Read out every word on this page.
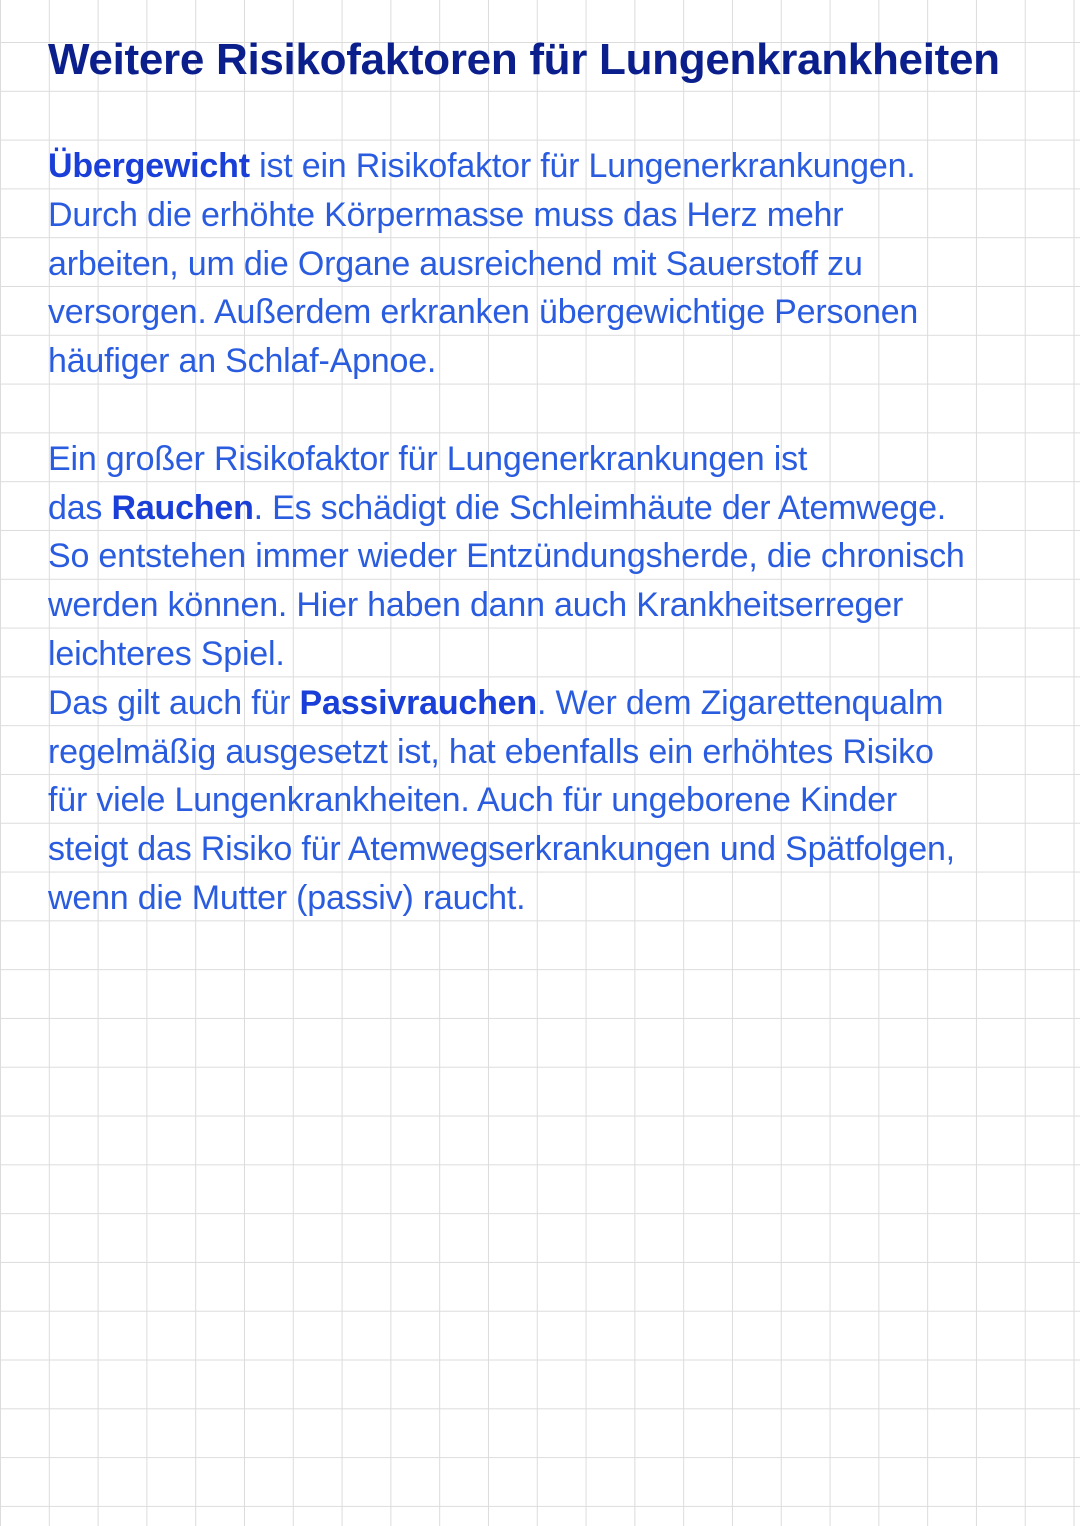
Weitere Risikofaktoren für Lungenkrankheiten

Übergewicht ist ein Risikofaktor für Lungenerkrankungen.
Durch die erhöhte Körpermasse muss das Herz mehr
arbeiten, um die Organe ausreichend mit Sauerstoff zu
versorgen. Außerdem erkranken übergewichtige Personen
häufiger an Schlaf-Apnoe.

Ein großer Risikofaktor für Lungenerkrankungen ist
das Rauchen. Es schädigt die Schleimhäute der Atemwege.
So entstehen immer wieder Entzündungsherde, die chronisch
werden können. Hier haben dann auch Krankheitserreger
leichteres Spiel.

Das gilt auch für Passivrauchen. Wer dem Zigarettenqualm
regelmäßig ausgesetzt ist, hat ebenfalls ein erhöhtes Risiko
für viele Lungenkrankheiten. Auch für ungeborene Kinder
steigt das Risiko für Atemwegserkrankungen und Spätfolgen,
wenn die Mutter (passiv) raucht.
